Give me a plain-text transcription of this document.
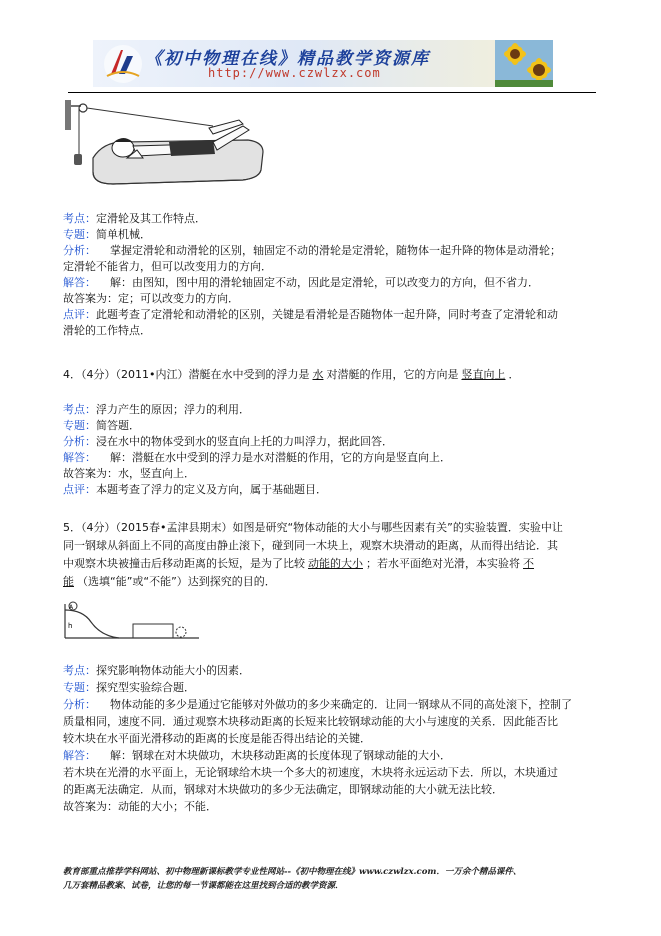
《初中物理在线》精品教学资源库
http://www.czwlzx.com
考点：定滑轮及其工作特点．
专题：简单机械．
分析： 掌握定滑轮和动滑轮的区别，轴固定不动的滑轮是定滑轮，随物体一起升降的物体是动滑轮；
定滑轮不能省力，但可以改变用力的方向．
解答： 解：由图知，图中用的滑轮轴固定不动，因此是定滑轮，可以改变力的方向，但不省力．
故答案为：定；可以改变力的方向．
点评：此题考查了定滑轮和动滑轮的区别，关键是看滑轮是否随物体一起升降，同时考查了定滑轮和动
滑轮的工作特点．
4．（4分）（2011•内江）潜艇在水中受到的浮力是 水 对潜艇的作用，它的方向是 竖直向上 ．
考点：浮力产生的原因；浮力的利用．
专题：简答题．
分析：浸在水中的物体受到水的竖直向上托的力叫浮力，据此回答．
解答： 解：潜艇在水中受到的浮力是水对潜艇的作用，它的方向是竖直向上．
故答案为：水，竖直向上．
点评：本题考查了浮力的定义及方向，属于基础题目．
5．（4分）（2015春•孟津县期末）如图是研究“物体动能的大小与哪些因素有关”的实验装置．实验中让
同一钢球从斜面上不同的高度由静止滚下，碰到同一木块上，观察木块滑动的距离，从而得出结论．其
中观察木块被撞击后移动距离的长短，是为了比较 动能的大小 ；若水平面绝对光滑，本实验将 不
能 （选填“能”或“不能”）达到探究的目的．
A
h
考点：探究影响物体动能大小的因素．
专题：探究型实验综合题．
分析： 物体动能的多少是通过它能够对外做功的多少来确定的．让同一钢球从不同的高处滚下，控制了
质量相同，速度不同．通过观察木块移动距离的长短来比较钢球动能的大小与速度的关系．因此能否比
较木块在水平面光滑移动的距离的长度是能否得出结论的关键．
解答： 解：钢球在对木块做功，木块移动距离的长度体现了钢球动能的大小．
若木块在光滑的水平面上，无论钢球给木块一个多大的初速度，木块将永远运动下去．所以，木块通过
的距离无法确定．从而，钢球对木块做功的多少无法确定，即钢球动能的大小就无法比较．
故答案为：动能的大小；不能．
教育部重点推荐学科网站、初中物理新课标教学专业性网站--《初中物理在线》www.czwlzx.com．一万余个精品课件、
几万套精品教案、试卷，让您的每一节课都能在这里找到合适的教学资源．
